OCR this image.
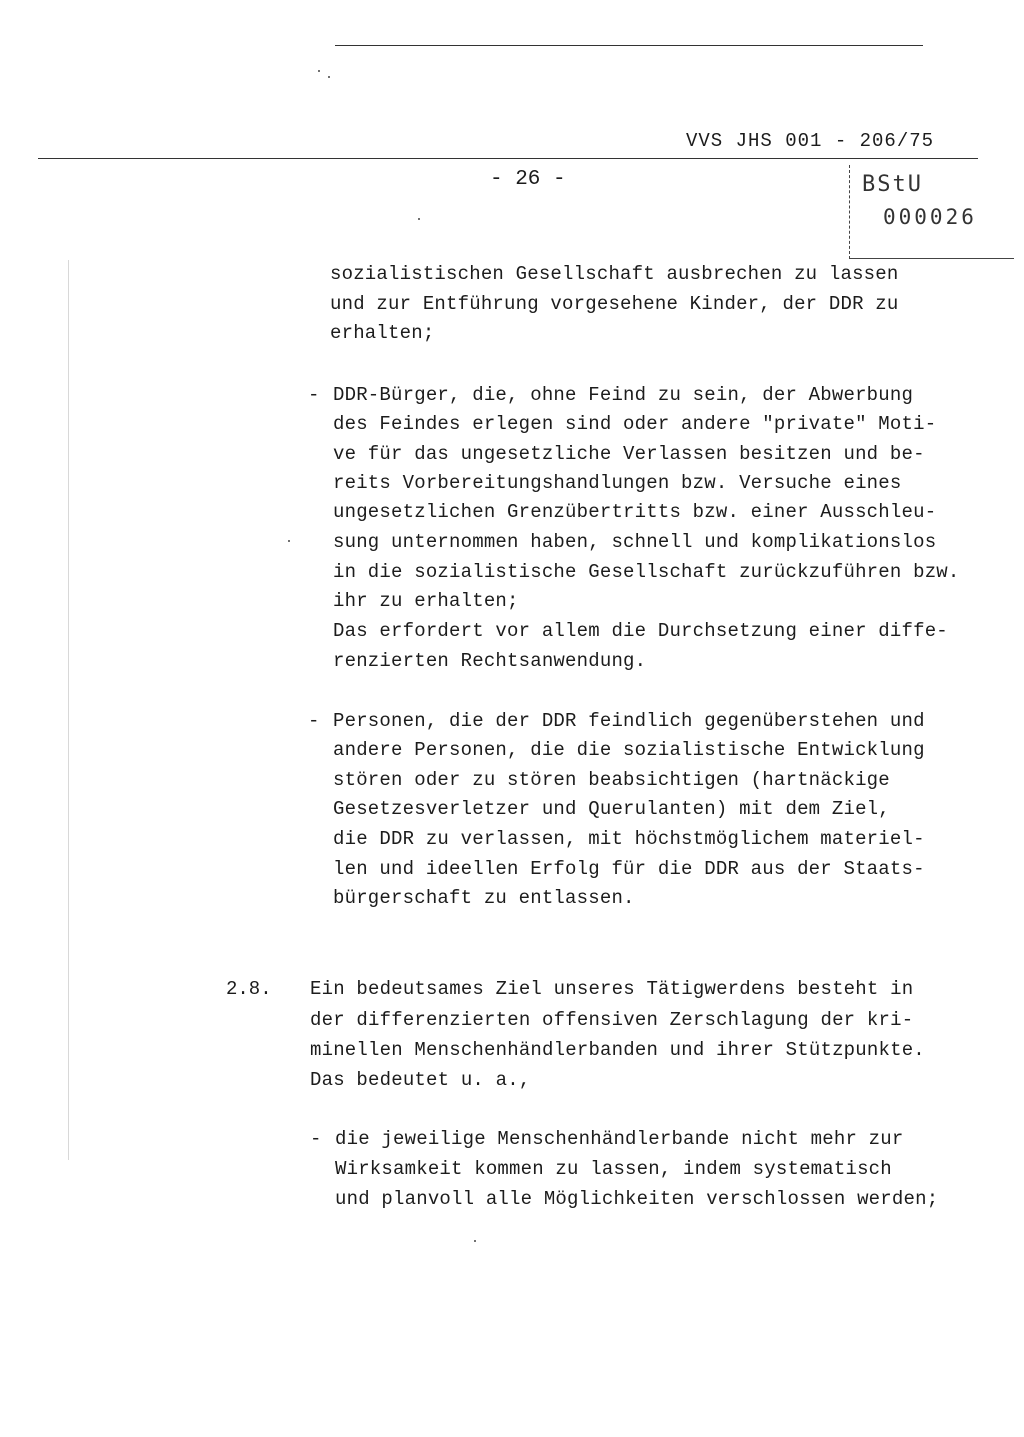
VVS JHS 001 - 206/75
- 26 -	BStU
000026
sozialistischen Gesellschaft ausbrechen zu lassen
und zur Entführung vorgesehene Kinder, der DDR zu
erhalten;
- DDR-Bürger, die, ohne Feind zu sein, der Abwerbung
des Feindes erlegen sind oder andere "private" Moti-
ve für das ungesetzliche Verlassen besitzen und be-
reits Vorbereitungshandlungen bzw. Versuche eines
ungesetzlichen Grenzübertritts bzw. einer Ausschleu-
sung unternommen haben, schnell und komplikationslos
in die sozialistische Gesellschaft zurückzuführen bzw.
ihr zu erhalten;
Das erfordert vor allem die Durchsetzung einer diffe-
renzierten Rechtsanwendung.
- Personen, die der DDR feindlich gegenüberstehen und
andere Personen, die die sozialistische Entwicklung
stören oder zu stören beabsichtigen (hartnäckige
Gesetzesverletzer und Querulanten) mit dem Ziel,
die DDR zu verlassen, mit höchstmöglichem materiel-
len und ideellen Erfolg für die DDR aus der Staats-
bürgerschaft zu entlassen.
2.8. Ein bedeutsames Ziel unseres Tätigwerdens besteht in
der differenzierten offensiven Zerschlagung der kri-
minellen Menschenhändlerbanden und ihrer Stützpunkte.
Das bedeutet u. a.,
- die jeweilige Menschenhändlerbande nicht mehr zur
Wirksamkeit kommen zu lassen, indem systematisch
und planvoll alle Möglichkeiten verschlossen werden;
